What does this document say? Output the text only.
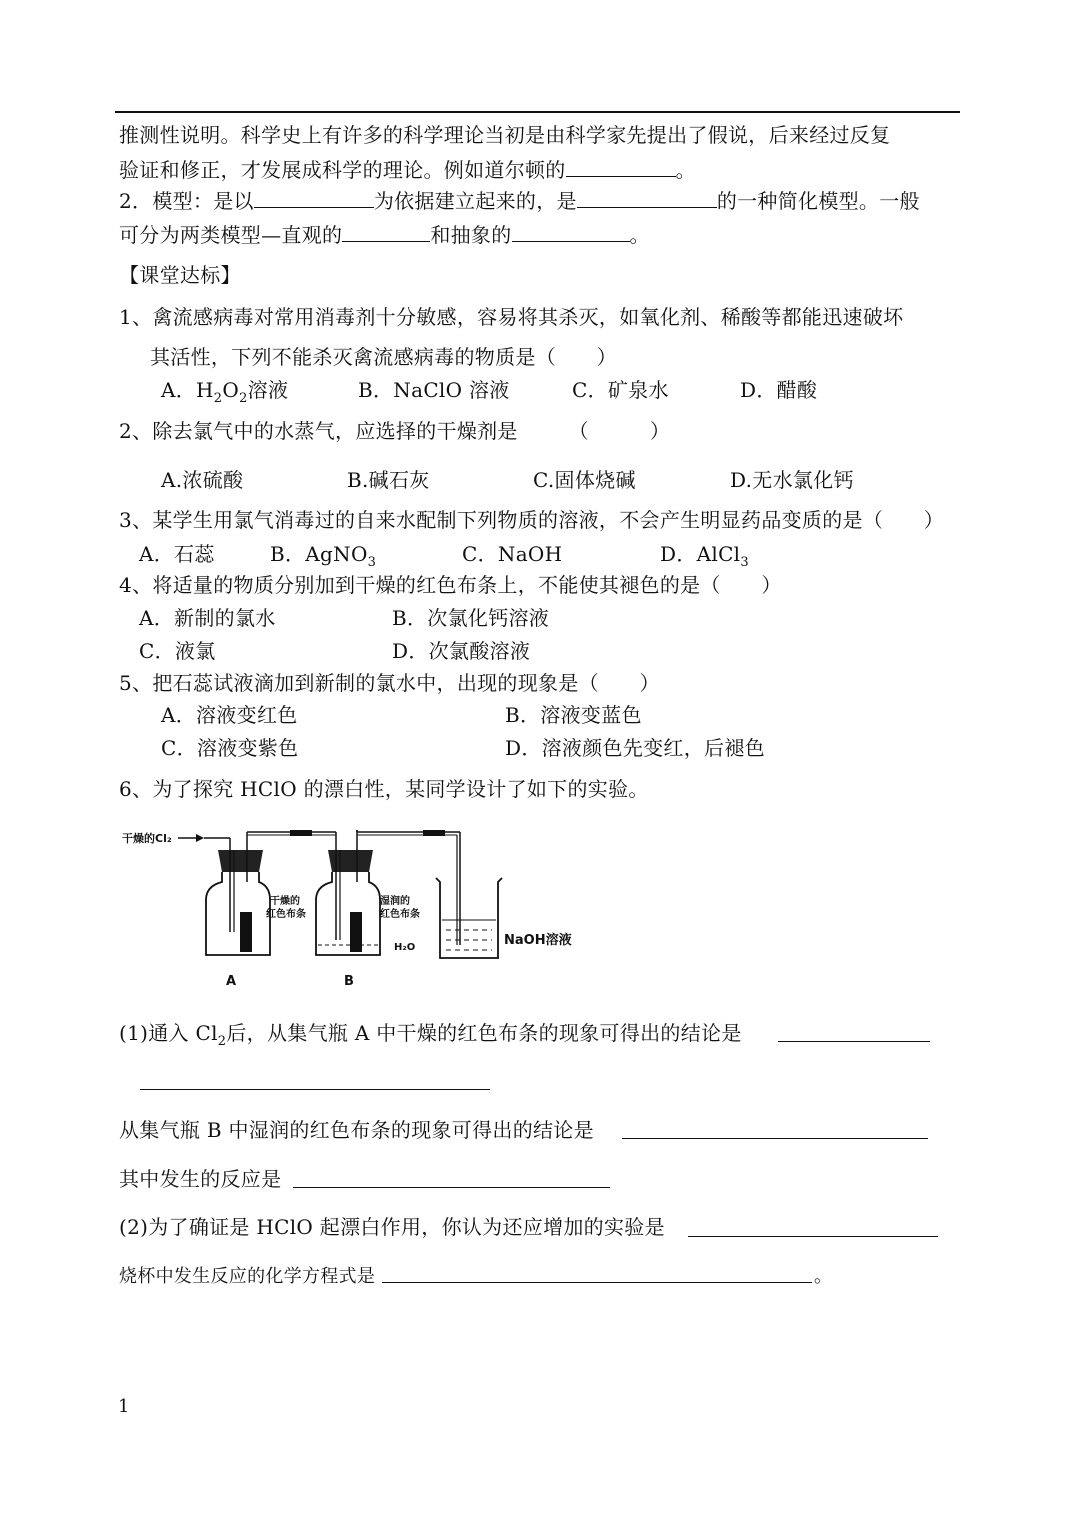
推测性说明。科学史上有许多的科学理论当初是由科学家先提出了假说，后来经过反复
验证和修正，才发展成科学的理论。例如道尔顿的	。
2．模型：是以	为依据建立起来的，是	的一种简化模型。一般
可分为两类模型—直观的	和抽象的	。
【课堂达标】
1、禽流感病毒对常用消毒剂十分敏感，容易将其杀灭，如氧化剂、稀酸等都能迅速破坏
其活性，下列不能杀灭禽流感病毒的物质是（　　）
A．$H_2O_2$溶液	B．NaClO 溶液	C．矿泉水	D．醋酸
2、除去氯气中的水蒸气，应选择的干燥剂是　　　（　　　）
A.浓硫酸	B.碱石灰	C.固体烧碱	D.无水氯化钙
3、某学生用氯气消毒过的自来水配制下列物质的溶液，不会产生明显药品变质的是（　　）
A．石蕊	B．AgNO$_3$	C．NaOH	D．AlCl$_3$
4、将适量的物质分别加到干燥的红色布条上，不能使其褪色的是（　　）
A．新制的氯水	B．次氯化钙溶液
C．液氯	D．次氯酸溶液
5、把石蕊试液滴加到新制的氯水中，出现的现象是（　　）
A．溶液变红色	B．溶液变蓝色
C．溶液变紫色	D．溶液颜色先变红，后褪色
6、为了探究 HClO 的漂白性，某同学设计了如下的实验。
干燥的Cl₂
干燥的
红色布条
A
湿润的
红色布条
H₂O
B
NaOH溶液
(1)通入 $Cl_2$后，从集气瓶 A 中干燥的红色布条的现象可得出的结论是
从集气瓶 B 中湿润的红色布条的现象可得出的结论是
其中发生的反应是
(2)为了确证是 HClO 起漂白作用，你认为还应增加的实验是
烧杯中发生反应的化学方程式是	。
1
